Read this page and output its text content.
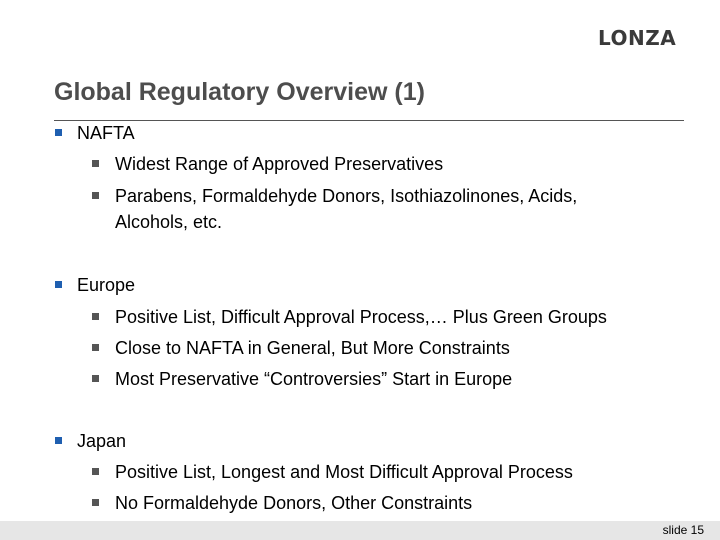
LONZA
Global Regulatory Overview (1)
NAFTA
Widest Range of Approved Preservatives
Parabens, Formaldehyde Donors, Isothiazolinones, Acids,
Alcohols, etc.
Europe
Positive List, Difficult Approval Process,… Plus Green Groups
Close to NAFTA in General, But More Constraints
Most Preservative “Controversies” Start in Europe
Japan
Positive List, Longest and Most Difficult Approval Process
No Formaldehyde Donors, Other Constraints
slide 15
